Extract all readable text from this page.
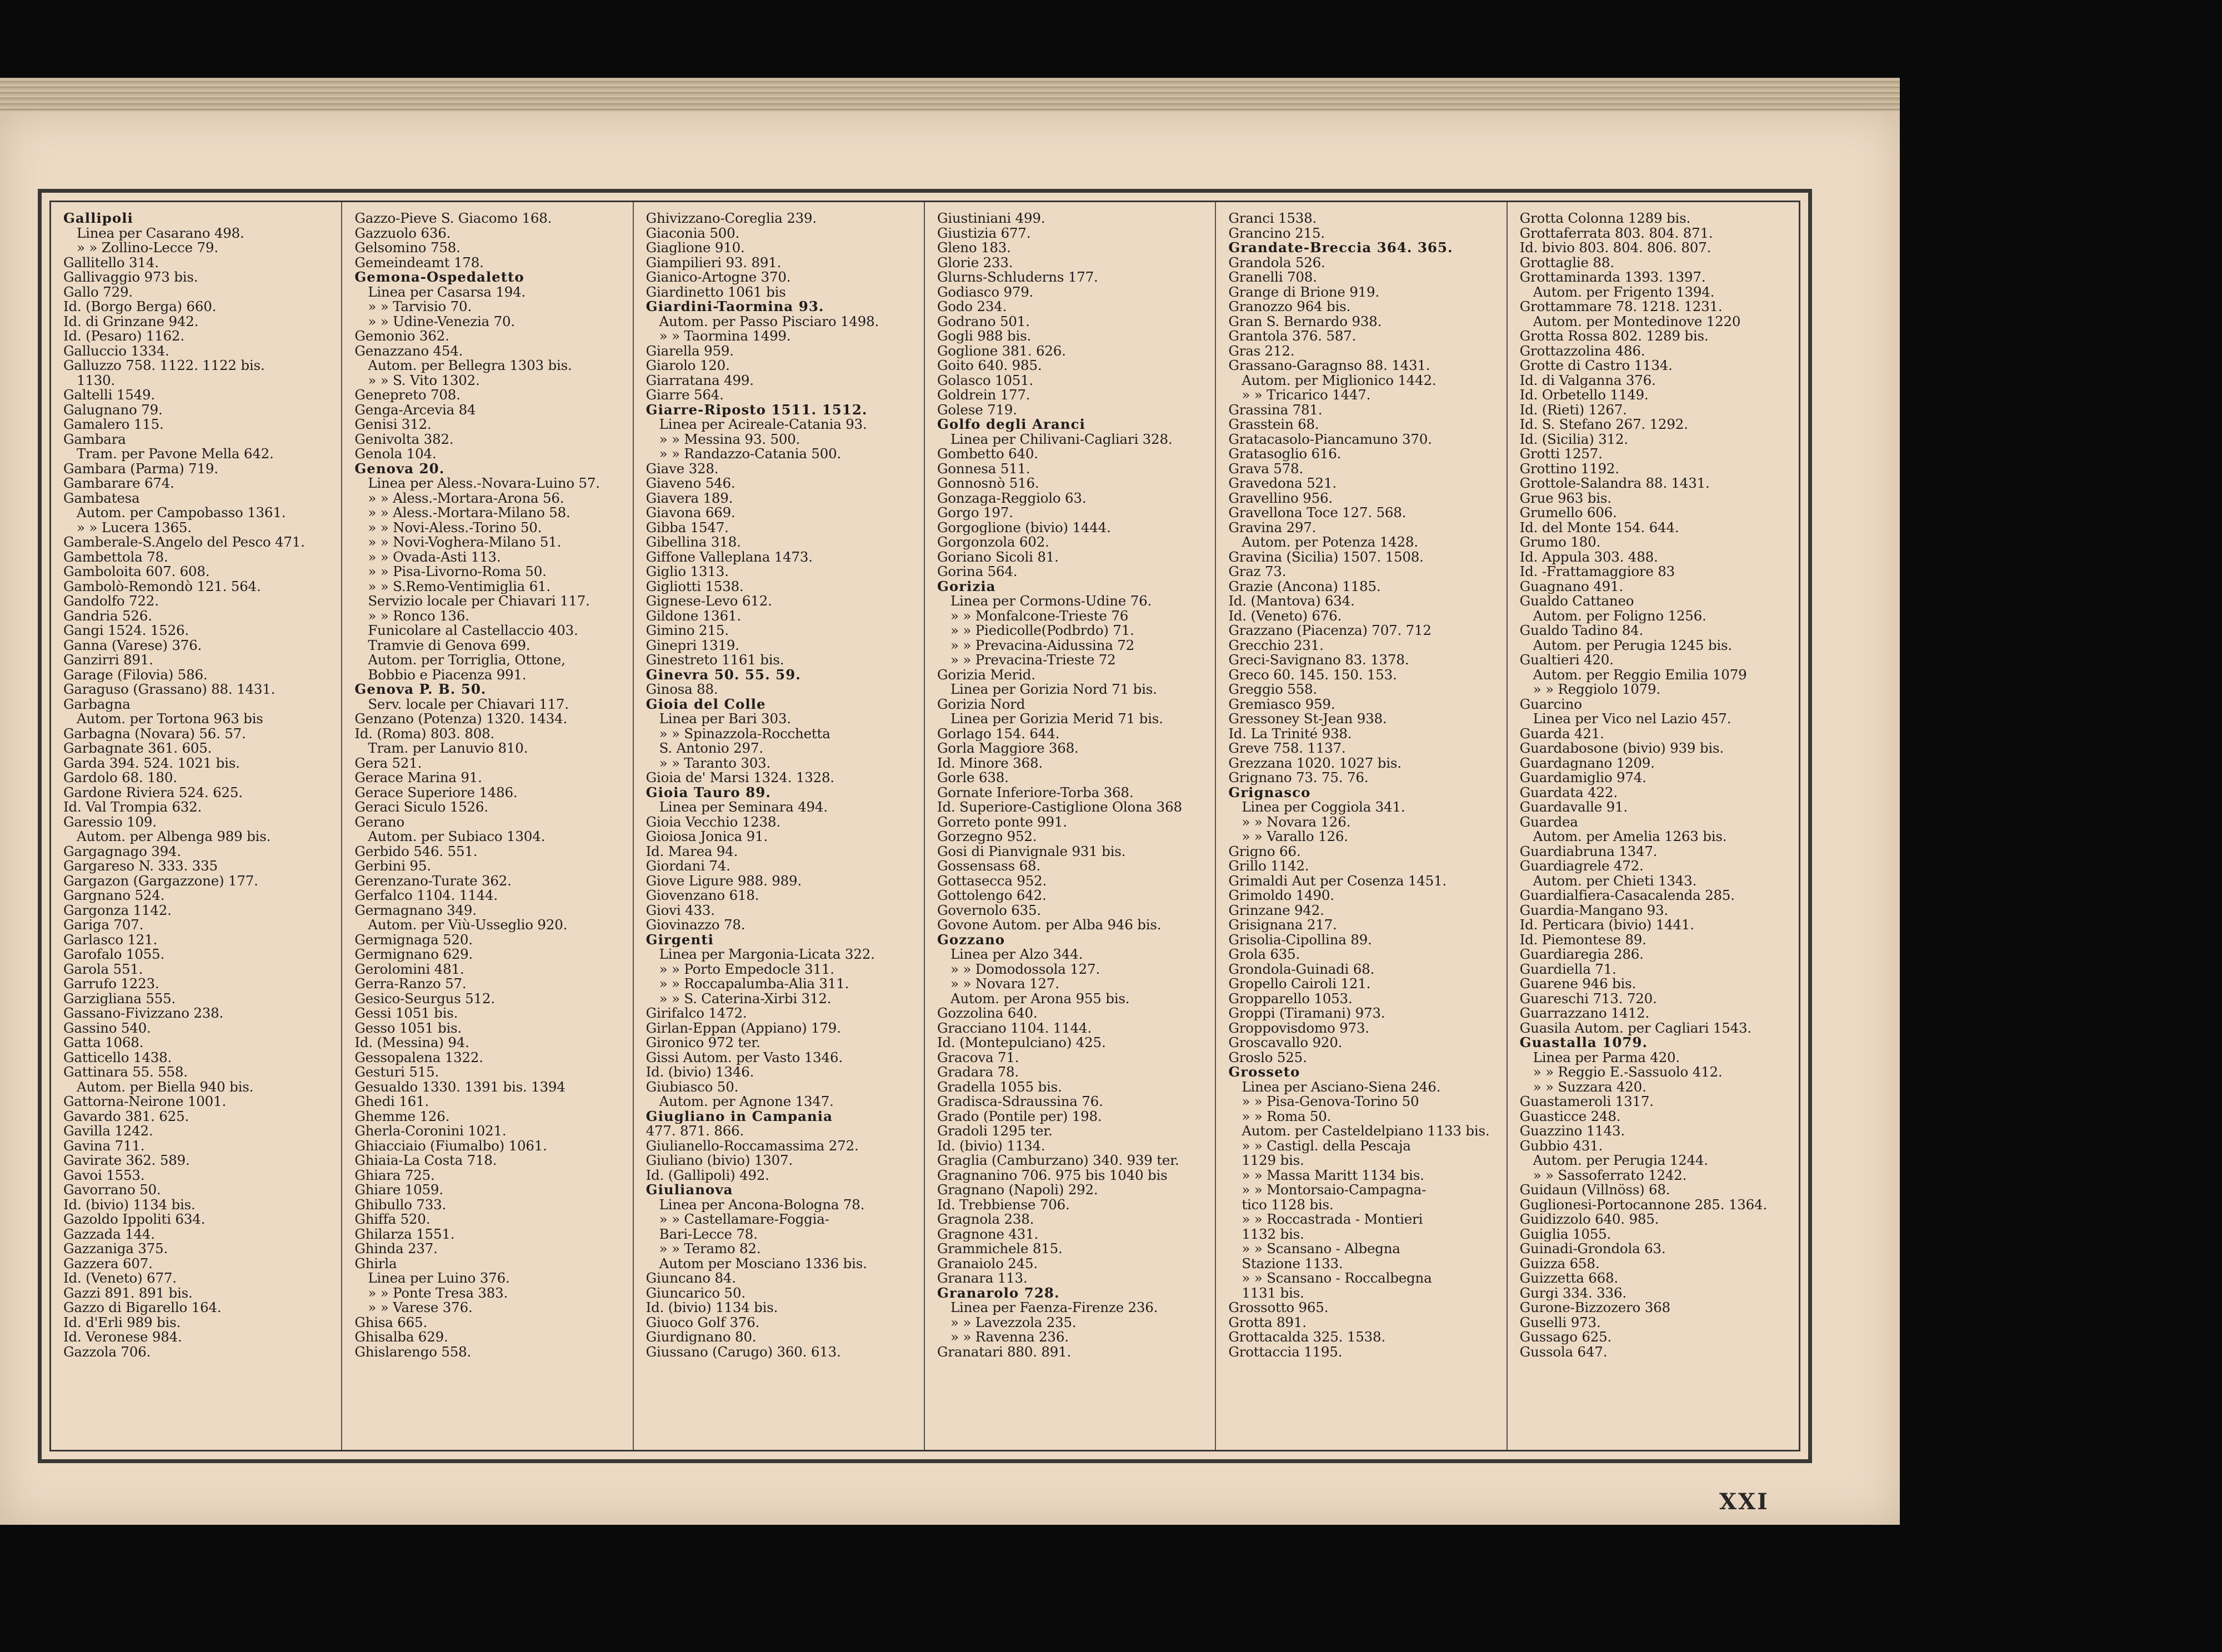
Gallipoli
Linea per Casarano 498.
» » Zollino-Lecce 79.
Gallitello 314.
Gallivaggio 973 bis.
Gallo 729.
Id. (Borgo Berga) 660.
Id. di Grinzane 942.
Id. (Pesaro) 1162.
Galluccio 1334.
Galluzzo 758. 1122. 1122 bis.
1130.
Galtelli 1549.
Galugnano 79.
Gamalero 115.
Gambara
Tram. per Pavone Mella 642.
Gambara (Parma) 719.
Gambarare 674.
Gambatesa
Autom. per Campobasso 1361.
» » Lucera 1365.
Gamberale-S.Angelo del Pesco 471.
Gambettola 78.
Gamboloita 607. 608.
Gambolò-Remondò 121. 564.
Gandolfo 722.
Gandria 526.
Gangi 1524. 1526.
Ganna (Varese) 376.
Ganzirri 891.
Garage (Filovia) 586.
Garaguso (Grassano) 88. 1431.
Garbagna
Autom. per Tortona 963 bis
Garbagna (Novara) 56. 57.
Garbagnate 361. 605.
Garda 394. 524. 1021 bis.
Gardolo 68. 180.
Gardone Riviera 524. 625.
Id. Val Trompia 632.
Garessio 109.
Autom. per Albenga 989 bis.
Gargagnago 394.
Gargareso N. 333. 335
Gargazon (Gargazzone) 177.
Gargnano 524.
Gargonza 1142.
Gariga 707.
Garlasco 121.
Garofalo 1055.
Garola 551.
Garrufo 1223.
Garzigliana 555.
Gassano-Fivizzano 238.
Gassino 540.
Gatta 1068.
Gatticello 1438.
Gattinara 55. 558.
Autom. per Biella 940 bis.
Gattorna-Neirone 1001.
Gavardo 381. 625.
Gavilla 1242.
Gavina 711.
Gavirate 362. 589.
Gavoi 1553.
Gavorrano 50.
Id. (bivio) 1134 bis.
Gazoldo Ippoliti 634.
Gazzada 144.
Gazzaniga 375.
Gazzera 607.
Id. (Veneto) 677.
Gazzi 891. 891 bis.
Gazzo di Bigarello 164.
Id. d'Erli 989 bis.
Id. Veronese 984.
Gazzola 706.
Gazzo-Pieve S. Giacomo 168.
Gazzuolo 636.
Gelsomino 758.
Gemeindeamt 178.
Gemona-Ospedaletto
Linea per Casarsa 194.
» » Tarvisio 70.
» » Udine-Venezia 70.
Gemonio 362.
Genazzano 454.
Autom. per Bellegra 1303 bis.
» » S. Vito 1302.
Genepreto 708.
Genga-Arcevia 84
Genisi 312.
Genivolta 382.
Genola 104.
Genova 20.
Linea per Aless.-Novara-Luino 57.
» » Aless.-Mortara-Arona 56.
» » Aless.-Mortara-Milano 58.
» » Novi-Aless.-Torino 50.
» » Novi-Voghera-Milano 51.
» » Ovada-Asti 113.
» » Pisa-Livorno-Roma 50.
» » S.Remo-Ventimiglia 61.
Servizio locale per Chiavari 117.
» » Ronco 136.
Funicolare al Castellaccio 403.
Tramvie di Genova 699.
Autom. per Torriglia, Ottone,
Bobbio e Piacenza 991.
Genova P. B. 50.
Serv. locale per Chiavari 117.
Genzano (Potenza) 1320. 1434.
Id. (Roma) 803. 808.
Tram. per Lanuvio 810.
Gera 521.
Gerace Marina 91.
Gerace Superiore 1486.
Geraci Siculo 1526.
Gerano
Autom. per Subiaco 1304.
Gerbido 546. 551.
Gerbini 95.
Gerenzano-Turate 362.
Gerfalco 1104. 1144.
Germagnano 349.
Autom. per Viù-Usseglio 920.
Germignaga 520.
Germignano 629.
Gerolomini 481.
Gerra-Ranzo 57.
Gesico-Seurgus 512.
Gessi 1051 bis.
Gesso 1051 bis.
Id. (Messina) 94.
Gessopalena 1322.
Gesturi 515.
Gesualdo 1330. 1391 bis. 1394
Ghedi 161.
Ghemme 126.
Gherla-Coronini 1021.
Ghiacciaio (Fiumalbo) 1061.
Ghiaia-La Costa 718.
Ghiara 725.
Ghiare 1059.
Ghibullo 733.
Ghiffa 520.
Ghilarza 1551.
Ghinda 237.
Ghirla
Linea per Luino 376.
» » Ponte Tresa 383.
» » Varese 376.
Ghisa 665.
Ghisalba 629.
Ghislarengo 558.
Ghivizzano-Coreglia 239.
Giaconia 500.
Giaglione 910.
Giampilieri 93. 891.
Gianico-Artogne 370.
Giardinetto 1061 bis
Giardini-Taormina 93.
Autom. per Passo Pisciaro 1498.
» » Taormina 1499.
Giarella 959.
Giarolo 120.
Giarratana 499.
Giarre 564.
Giarre-Riposto 1511. 1512.
Linea per Acireale-Catania 93.
» » Messina 93. 500.
» » Randazzo-Catania 500.
Giave 328.
Giaveno 546.
Giavera 189.
Giavona 669.
Gibba 1547.
Gibellina 318.
Giffone Valleplana 1473.
Giglio 1313.
Gigliotti 1538.
Gignese-Levo 612.
Gildone 1361.
Gimino 215.
Ginepri 1319.
Ginestreto 1161 bis.
Ginevra 50. 55. 59.
Ginosa 88.
Gioia del Colle
Linea per Bari 303.
» » Spinazzola-Rocchetta
S. Antonio 297.
» » Taranto 303.
Gioia de' Marsi 1324. 1328.
Gioia Tauro 89.
Linea per Seminara 494.
Gioia Vecchio 1238.
Gioiosa Jonica 91.
Id. Marea 94.
Giordani 74.
Giove Ligure 988. 989.
Giovenzano 618.
Giovi 433.
Giovinazzo 78.
Girgenti
Linea per Margonia-Licata 322.
» » Porto Empedocle 311.
» » Roccapalumba-Alia 311.
» » S. Caterina-Xirbi 312.
Girifalco 1472.
Girlan-Eppan (Appiano) 179.
Gironico 972 ter.
Gissi Autom. per Vasto 1346.
Id. (bivio) 1346.
Giubiasco 50.
Autom. per Agnone 1347.
Giugliano in Campania
477. 871. 866.
Giulianello-Roccamassima 272.
Giuliano (bivio) 1307.
Id. (Gallipoli) 492.
Giulianova
Linea per Ancona-Bologna 78.
» » Castellamare-Foggia-
Bari-Lecce 78.
» » Teramo 82.
Autom per Mosciano 1336 bis.
Giuncano 84.
Giuncarico 50.
Id. (bivio) 1134 bis.
Giuoco Golf 376.
Giurdignano 80.
Giussano (Carugo) 360. 613.
Giustiniani 499.
Giustizia 677.
Gleno 183.
Glorie 233.
Glurns-Schluderns 177.
Godiasco 979.
Godo 234.
Godrano 501.
Gogli 988 bis.
Goglione 381. 626.
Goito 640. 985.
Golasco 1051.
Goldrein 177.
Golese 719.
Golfo degli Aranci
Linea per Chilivani-Cagliari 328.
Gombetto 640.
Gonnesa 511.
Gonnosnò 516.
Gonzaga-Reggiolo 63.
Gorgo 197.
Gorgoglione (bivio) 1444.
Gorgonzola 602.
Goriano Sicoli 81.
Gorina 564.
Gorizia
Linea per Cormons-Udine 76.
» » Monfalcone-Trieste 76
» » Piedicolle(Podbrdo) 71.
» » Prevacina-Aidussina 72
» » Prevacina-Trieste 72
Gorizia Merid.
Linea per Gorizia Nord 71 bis.
Gorizia Nord
Linea per Gorizia Merid 71 bis.
Gorlago 154. 644.
Gorla Maggiore 368.
Id. Minore 368.
Gorle 638.
Gornate Inferiore-Torba 368.
Id. Superiore-Castiglione Olona 368
Gorreto ponte 991.
Gorzegno 952.
Gosi di Pianvignale 931 bis.
Gossensass 68.
Gottasecca 952.
Gottolengo 642.
Governolo 635.
Govone Autom. per Alba 946 bis.
Gozzano
Linea per Alzo 344.
» » Domodossola 127.
» » Novara 127.
Autom. per Arona 955 bis.
Gozzolina 640.
Gracciano 1104. 1144.
Id. (Montepulciano) 425.
Gracova 71.
Gradara 78.
Gradella 1055 bis.
Gradisca-Sdraussina 76.
Grado (Pontile per) 198.
Gradoli 1295 ter.
Id. (bivio) 1134.
Graglia (Camburzano) 340. 939 ter.
Gragnanino 706. 975 bis 1040 bis
Gragnano (Napoli) 292.
Id. Trebbiense 706.
Gragnola 238.
Gragnone 431.
Grammichele 815.
Granaiolo 245.
Granara 113.
Granarolo 728.
Linea per Faenza-Firenze 236.
» » Lavezzola 235.
» » Ravenna 236.
Granatari 880. 891.
Granci 1538.
Grancino 215.
Grandate-Breccia 364. 365.
Grandola 526.
Granelli 708.
Grange di Brione 919.
Granozzo 964 bis.
Gran S. Bernardo 938.
Grantola 376. 587.
Gras 212.
Grassano-Garagnso 88. 1431.
Autom. per Miglionico 1442.
» » Tricarico 1447.
Grassina 781.
Grasstein 68.
Gratacasolo-Piancamuno 370.
Gratasoglio 616.
Grava 578.
Gravedona 521.
Gravellino 956.
Gravellona Toce 127. 568.
Gravina 297.
Autom. per Potenza 1428.
Gravina (Sicilia) 1507. 1508.
Graz 73.
Grazie (Ancona) 1185.
Id. (Mantova) 634.
Id. (Veneto) 676.
Grazzano (Piacenza) 707. 712
Grecchio 231.
Greci-Savignano 83. 1378.
Greco 60. 145. 150. 153.
Greggio 558.
Gremiasco 959.
Gressoney St-Jean 938.
Id. La Trinité 938.
Greve 758. 1137.
Grezzana 1020. 1027 bis.
Grignano 73. 75. 76.
Grignasco
Linea per Coggiola 341.
» » Novara 126.
» » Varallo 126.
Grigno 66.
Grillo 1142.
Grimaldi Aut per Cosenza 1451.
Grimoldo 1490.
Grinzane 942.
Grisignana 217.
Grisolia-Cipollina 89.
Grola 635.
Grondola-Guinadi 68.
Gropello Cairoli 121.
Gropparello 1053.
Groppi (Tiramani) 973.
Groppovisdomo 973.
Groscavallo 920.
Groslo 525.
Grosseto
Linea per Asciano-Siena 246.
» » Pisa-Genova-Torino 50
» » Roma 50.
Autom. per Casteldelpiano 1133 bis.
» » Castigl. della Pescaja
1129 bis.
» » Massa Maritt 1134 bis.
» » Montorsaio-Campagna-
tico 1128 bis.
» » Roccastrada - Montieri
1132 bis.
» » Scansano - Albegna
Stazione 1133.
» » Scansano - Roccalbegna
1131 bis.
Grossotto 965.
Grotta 891.
Grottacalda 325. 1538.
Grottaccia 1195.
Grotta Colonna 1289 bis.
Grottaferrata 803. 804. 871.
Id. bivio 803. 804. 806. 807.
Grottaglie 88.
Grottaminarda 1393. 1397.
Autom. per Frigento 1394.
Grottammare 78. 1218. 1231.
Autom. per Montedinove 1220
Grotta Rossa 802. 1289 bis.
Grottazzolina 486.
Grotte di Castro 1134.
Id. di Valganna 376.
Id. Orbetello 1149.
Id. (Rieti) 1267.
Id. S. Stefano 267. 1292.
Id. (Sicilia) 312.
Grotti 1257.
Grottino 1192.
Grottole-Salandra 88. 1431.
Grue 963 bis.
Grumello 606.
Id. del Monte 154. 644.
Grumo 180.
Id. Appula 303. 488.
Id. -Frattamaggiore 83
Guagnano 491.
Gualdo Cattaneo
Autom. per Foligno 1256.
Gualdo Tadino 84.
Autom. per Perugia 1245 bis.
Gualtieri 420.
Autom. per Reggio Emilia 1079
» » Reggiolo 1079.
Guarcino
Linea per Vico nel Lazio 457.
Guarda 421.
Guardabosone (bivio) 939 bis.
Guardagnano 1209.
Guardamiglio 974.
Guardata 422.
Guardavalle 91.
Guardea
Autom. per Amelia 1263 bis.
Guardiabruna 1347.
Guardiagrele 472.
Autom. per Chieti 1343.
Guardialfiera-Casacalenda 285.
Guardia-Mangano 93.
Id. Perticara (bivio) 1441.
Id. Piemontese 89.
Guardiaregia 286.
Guardiella 71.
Guarene 946 bis.
Guareschi 713. 720.
Guarrazzano 1412.
Guasila Autom. per Cagliari 1543.
Guastalla 1079.
Linea per Parma 420.
» » Reggio E.-Sassuolo 412.
» » Suzzara 420.
Guastameroli 1317.
Guasticce 248.
Guazzino 1143.
Gubbio 431.
Autom. per Perugia 1244.
» » Sassoferrato 1242.
Guidaun (Villnöss) 68.
Guglionesi-Portocannone 285. 1364.
Guidizzolo 640. 985.
Guiglia 1055.
Guinadi-Grondola 63.
Guizza 658.
Guizzetta 668.
Gurgi 334. 336.
Gurone-Bizzozero 368
Guselli 973.
Gussago 625.
Gussola 647.
XXI
